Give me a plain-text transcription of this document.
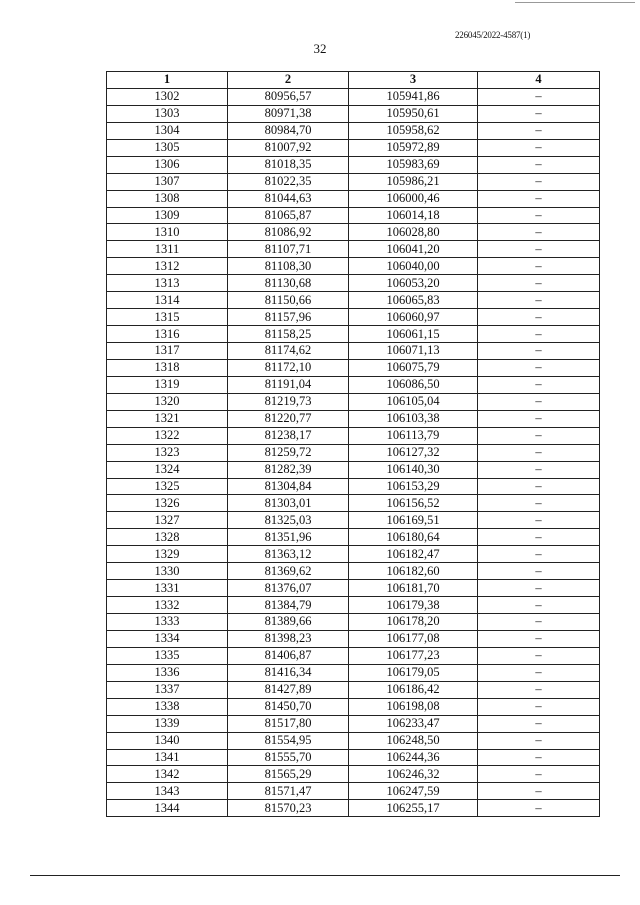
226045/2022-4587(1)
32
1	2	3	4
1302	80956,57	105941,86	–
1303	80971,38	105950,61	–
1304	80984,70	105958,62	–
1305	81007,92	105972,89	–
1306	81018,35	105983,69	–
1307	81022,35	105986,21	–
1308	81044,63	106000,46	–
1309	81065,87	106014,18	–
1310	81086,92	106028,80	–
1311	81107,71	106041,20	–
1312	81108,30	106040,00	–
1313	81130,68	106053,20	–
1314	81150,66	106065,83	–
1315	81157,96	106060,97	–
1316	81158,25	106061,15	–
1317	81174,62	106071,13	–
1318	81172,10	106075,79	–
1319	81191,04	106086,50	–
1320	81219,73	106105,04	–
1321	81220,77	106103,38	–
1322	81238,17	106113,79	–
1323	81259,72	106127,32	–
1324	81282,39	106140,30	–
1325	81304,84	106153,29	–
1326	81303,01	106156,52	–
1327	81325,03	106169,51	–
1328	81351,96	106180,64	–
1329	81363,12	106182,47	–
1330	81369,62	106182,60	–
1331	81376,07	106181,70	–
1332	81384,79	106179,38	–
1333	81389,66	106178,20	–
1334	81398,23	106177,08	–
1335	81406,87	106177,23	–
1336	81416,34	106179,05	–
1337	81427,89	106186,42	–
1338	81450,70	106198,08	–
1339	81517,80	106233,47	–
1340	81554,95	106248,50	–
1341	81555,70	106244,36	–
1342	81565,29	106246,32	–
1343	81571,47	106247,59	–
1344	81570,23	106255,17	–
